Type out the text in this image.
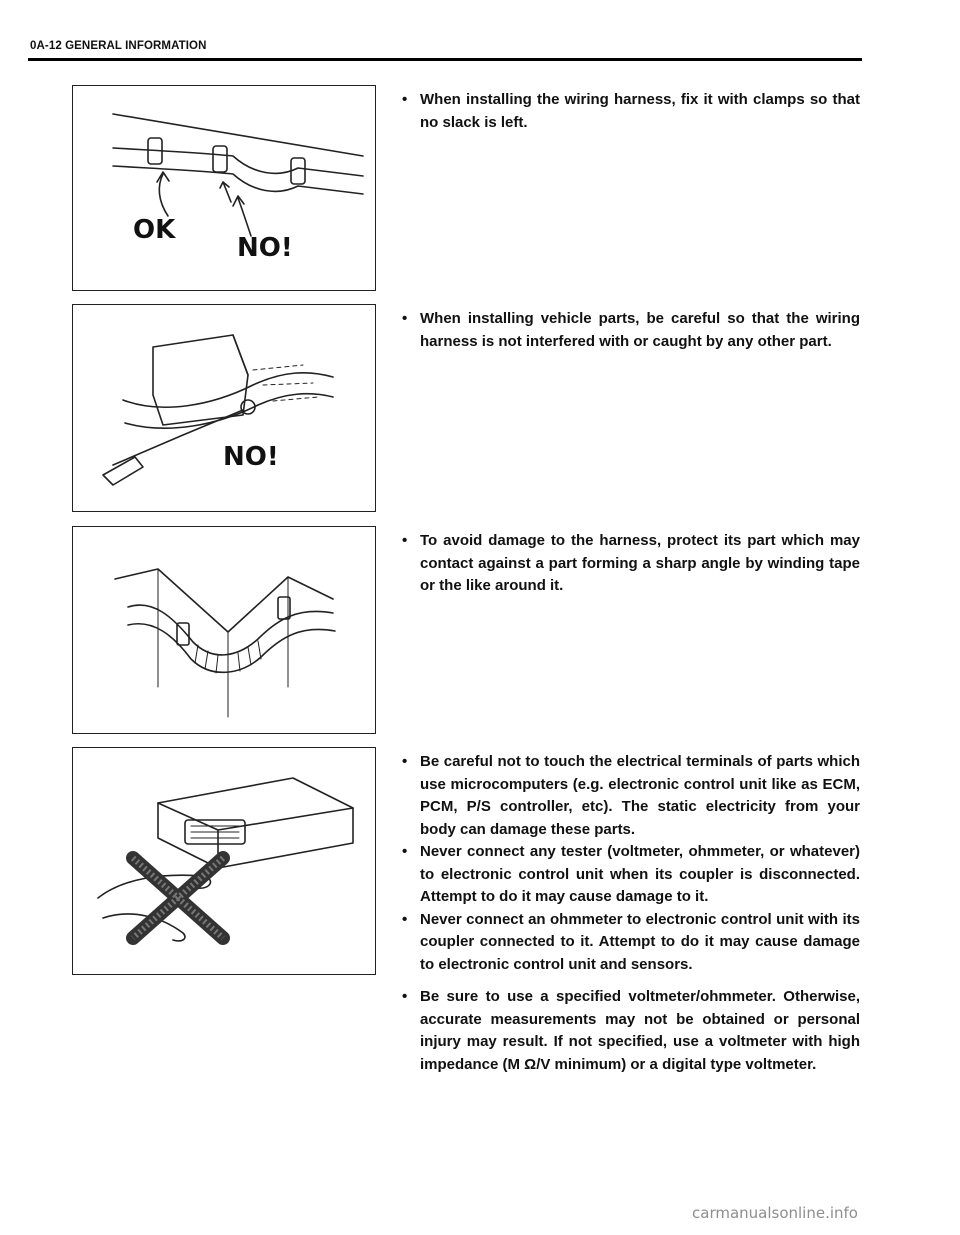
0A-12 GENERAL INFORMATION
OK
NO!
NO!
• When installing the wiring harness, fix it with clamps so that no slack is left.
• When installing vehicle parts, be careful so that the wiring harness is not interfered with or caught by any other part.
• To avoid damage to the harness, protect its part which may contact against a part forming a sharp angle by winding tape or the like around it.
• Be careful not to touch the electrical terminals of parts which use microcomputers (e.g. electronic control unit like as ECM, PCM, P/S controller, etc). The static electricity from your body can damage these parts.
• Never connect any tester (voltmeter, ohmmeter, or whatever) to electronic control unit when its coupler is disconnected. Attempt to do it may cause damage to it.
• Never connect an ohmmeter to electronic control unit with its coupler connected to it. Attempt to do it may cause damage to electronic control unit and sensors.
• Be sure to use a specified voltmeter/ohmmeter. Otherwise, accurate measurements may not be obtained or personal injury may result. If not specified, use a voltmeter with high impedance (M Ω/V minimum) or a digital type voltmeter.
carmanualsonline.info
